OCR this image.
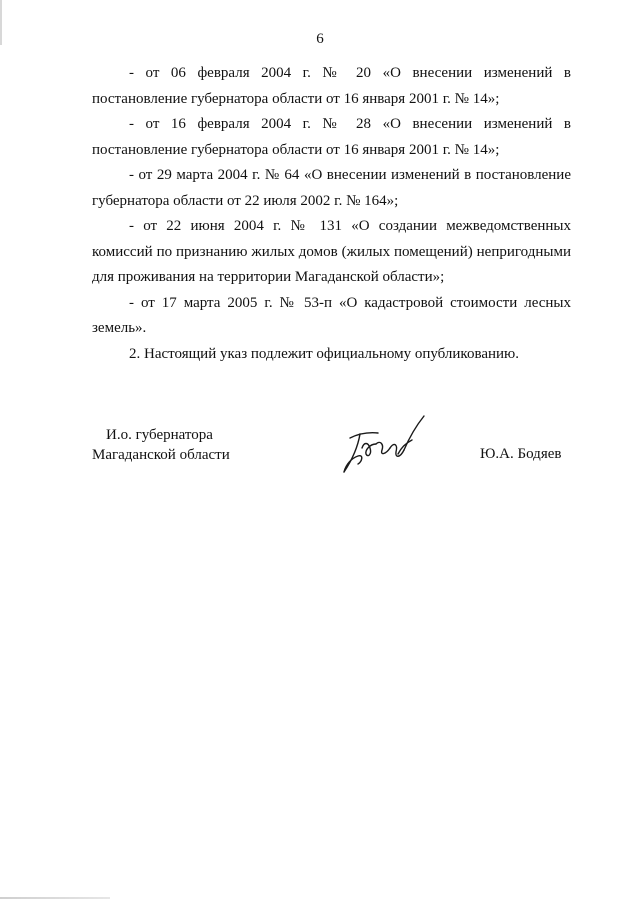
6

- от 06 февраля 2004 г. № 20 «О внесении изменений в постановление губернатора области от 16 января 2001 г. № 14»;

- от 16 февраля 2004 г. № 28 «О внесении изменений в постановление губернатора области от 16 января 2001 г. № 14»;

- от 29 марта 2004 г. № 64 «О внесении изменений в постановление губернатора области от 22 июля 2002 г. № 164»;

- от 22 июня 2004 г. № 131 «О создании межведомственных комиссий по признанию жилых домов (жилых помещений) непригодными для проживания на территории Магаданской области»;

- от 17 марта 2005 г. № 53-п «О кадастровой стоимости лесных земель».

2. Настоящий указ подлежит официальному опубликованию.

И.о. губернатора
Магаданской области	Ю.А. Бодяев
